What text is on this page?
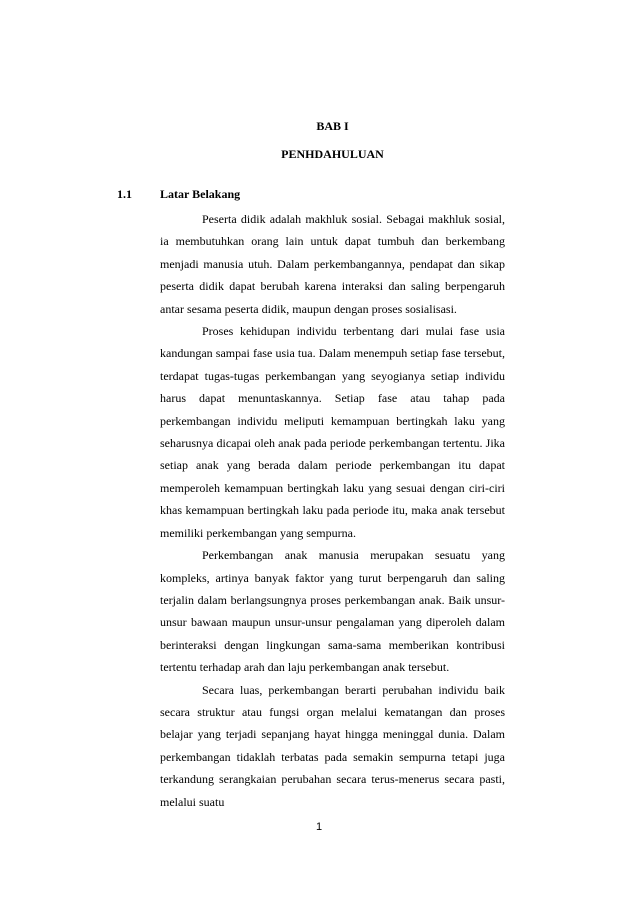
BAB I
PENHDAHULUAN
1.1 Latar Belakang

Peserta didik adalah makhluk sosial. Sebagai makhluk sosial, ia membutuhkan orang lain untuk dapat tumbuh dan berkembang menjadi manusia utuh. Dalam perkembangannya, pendapat dan sikap peserta didik dapat berubah karena interaksi dan saling berpengaruh antar sesama peserta didik, maupun dengan proses sosialisasi.

Proses kehidupan individu terbentang dari mulai fase usia kandungan sampai fase usia tua. Dalam menempuh setiap fase tersebut, terdapat tugas-tugas perkembangan yang seyogianya setiap individu harus dapat menuntaskannya. Setiap fase atau tahap pada perkembangan individu meliputi kemampuan bertingkah laku yang seharusnya dicapai oleh anak pada periode perkembangan tertentu. Jika setiap anak yang berada dalam periode perkembangan itu dapat memperoleh kemampuan bertingkah laku yang sesuai dengan ciri-ciri khas kemampuan bertingkah laku pada periode itu, maka anak tersebut memiliki perkembangan yang sempurna.

Perkembangan anak manusia merupakan sesuatu yang kompleks, artinya banyak faktor yang turut berpengaruh dan saling terjalin dalam berlangsungnya proses perkembangan anak. Baik unsur-unsur bawaan maupun unsur-unsur pengalaman yang diperoleh dalam berinteraksi dengan lingkungan sama-sama memberikan kontribusi tertentu terhadap arah dan laju perkembangan anak tersebut.

Secara luas, perkembangan berarti perubahan individu baik secara struktur atau fungsi organ melalui kematangan dan proses belajar yang terjadi sepanjang hayat hingga meninggal dunia. Dalam perkembangan tidaklah terbatas pada semakin sempurna tetapi juga terkandung serangkaian perubahan secara terus-menerus secara pasti, melalui suatu

1
